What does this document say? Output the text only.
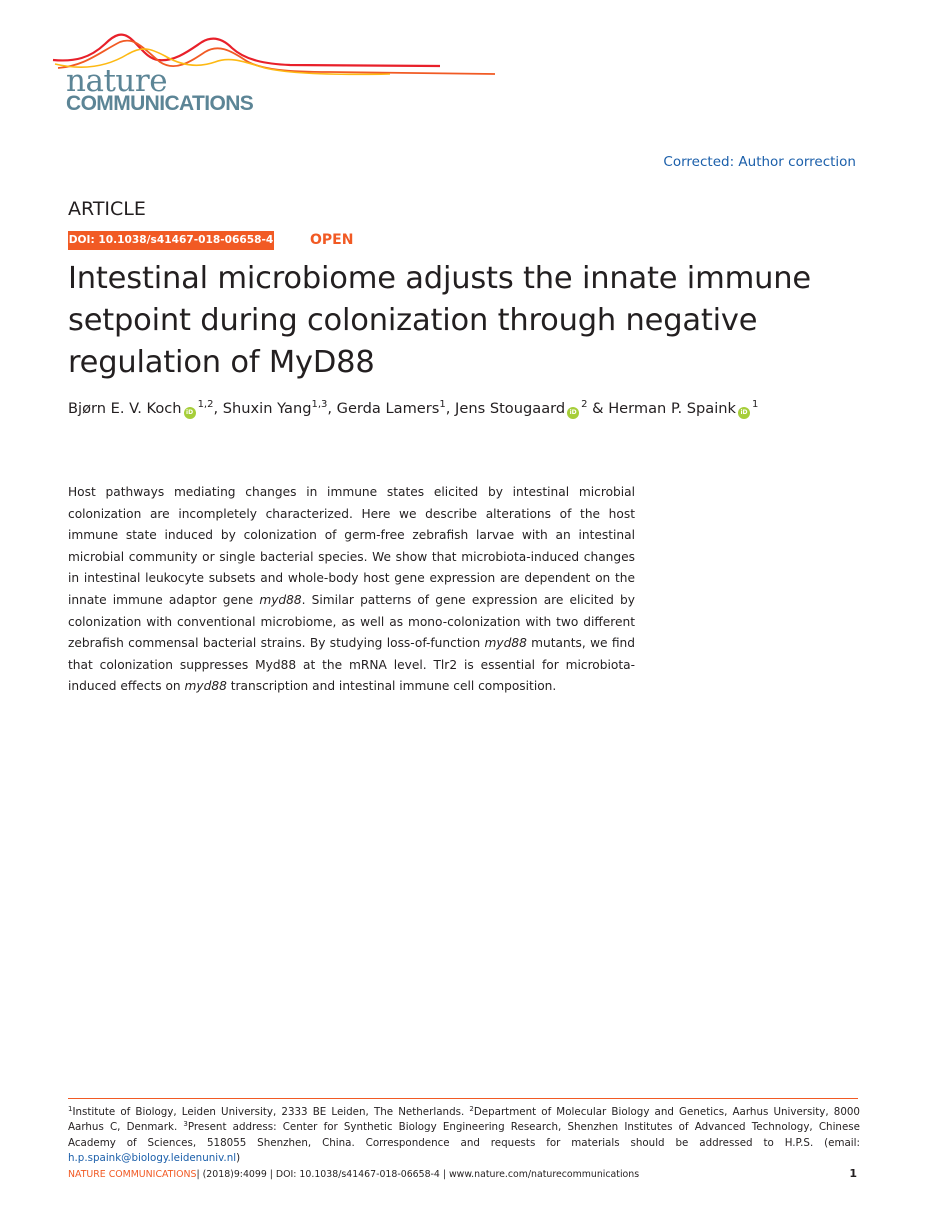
nature
COMMUNICATIONS
Corrected: Author correction
ARTICLE
DOI: 10.1038/s41467-018-06658-4	OPEN
Intestinal microbiome adjusts the innate immune setpoint during colonization through negative regulation of MyD88
Bjørn E. V. Koch iD$^{1,2}$, Shuxin Yang$^{1,3}$, Gerda Lamers$^1$, Jens Stougaard $iD^2$ & Herman P. Spaink $iD^1$

Host pathways mediating changes in immune states elicited by intestinal microbial colonization are incompletely characterized. Here we describe alterations of the host immune state induced by colonization of germ-free zebrafish larvae with an intestinal microbial community or single bacterial species. We show that microbiota-induced changes in intestinal leukocyte subsets and whole-body host gene expression are dependent on the innate immune adaptor gene myd88. Similar patterns of gene expression are elicited by colonization with conventional microbiome, as well as mono-colonization with two different zebrafish commensal bacterial strains. By studying loss-of-function myd88 mutants, we find that colonization suppresses Myd88 at the mRNA level. Tlr2 is essential for microbiota-induced effects on myd88 transcription and intestinal immune cell composition.

$^1$Institute of Biology, Leiden University, 2333 BE Leiden, The Netherlands. $^2$Department of Molecular Biology and Genetics, Aarhus University, 8000 Aarhus C, Denmark. $^3$Present address: Center for Synthetic Biology Engineering Research, Shenzhen Institutes of Advanced Technology, Chinese Academy of Sciences, 518055 Shenzhen, China. Correspondence and requests for materials should be addressed to H.P.S. (email: h.p.spaink@biology.leidenuniv.nl)

NATURE COMMUNICATIONS| (2018)9:4099 | DOI: 10.1038/s41467-018-06658-4 | www.nature.com/naturecommunications	1
